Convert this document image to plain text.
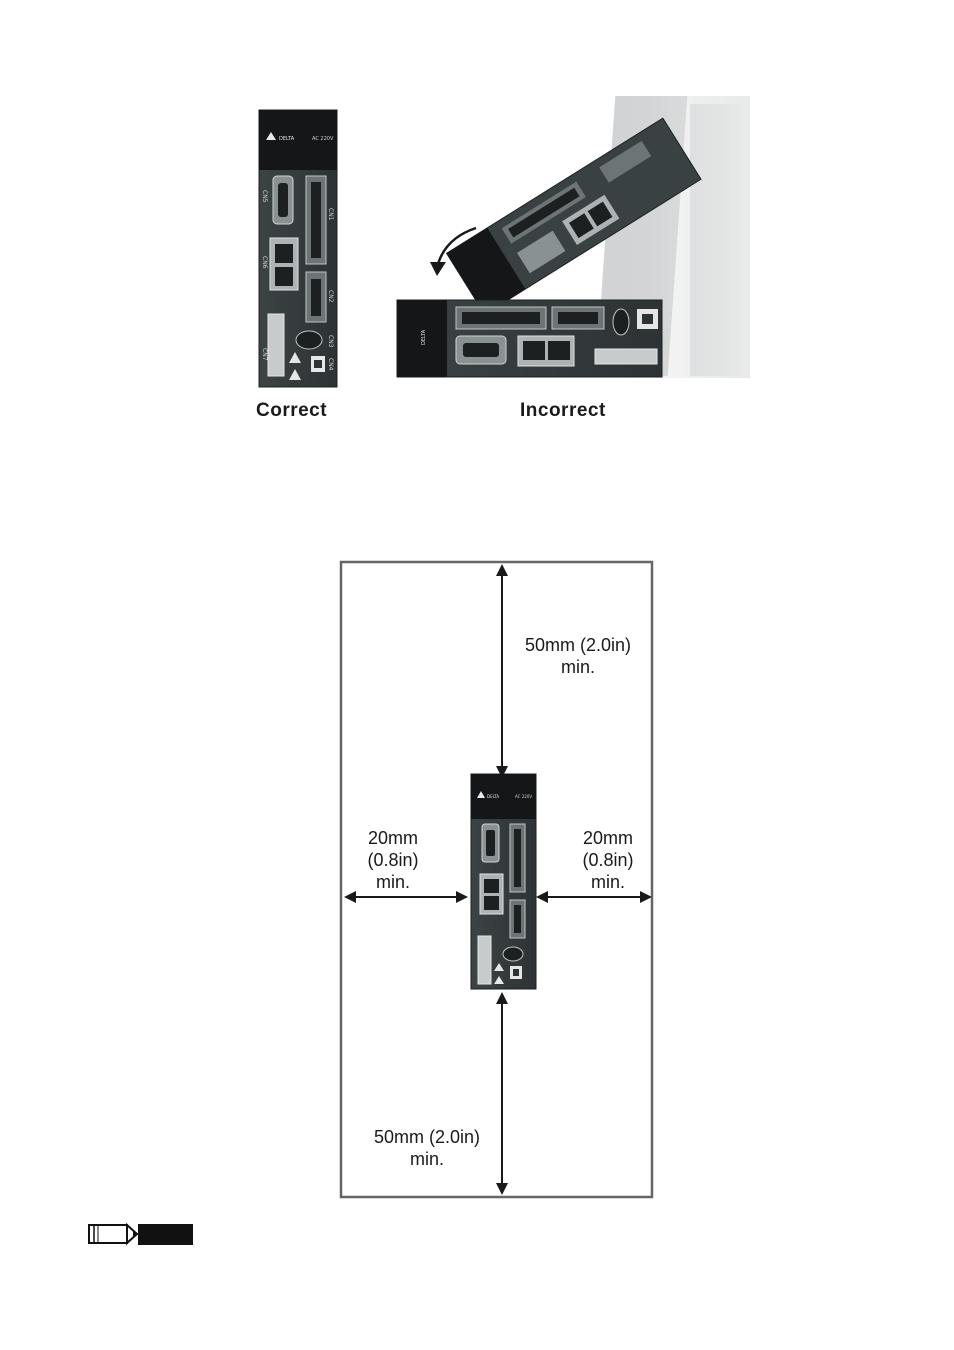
DELTA	AC 220V
CN5
CN1
CN6
CN2
CN3
CN4
CN7
DELTA
Correct	Incorrect
DELTA	AC 220V
50mm (2.0in)
min.
20mm
(0.8in)
min.
20mm
(0.8in)
min.
50mm (2.0in)
min.
